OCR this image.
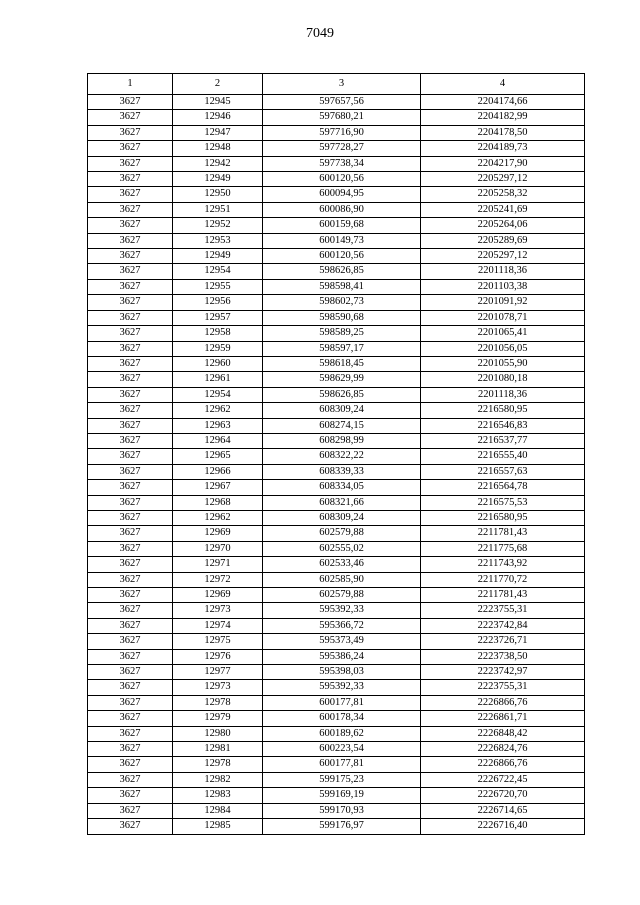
7049
1	2	3	4
3627	12945	597657,56	2204174,66
3627	12946	597680,21	2204182,99
3627	12947	597716,90	2204178,50
3627	12948	597728,27	2204189,73
3627	12942	597738,34	2204217,90
3627	12949	600120,56	2205297,12
3627	12950	600094,95	2205258,32
3627	12951	600086,90	2205241,69
3627	12952	600159,68	2205264,06
3627	12953	600149,73	2205289,69
3627	12949	600120,56	2205297,12
3627	12954	598626,85	2201118,36
3627	12955	598598,41	2201103,38
3627	12956	598602,73	2201091,92
3627	12957	598590,68	2201078,71
3627	12958	598589,25	2201065,41
3627	12959	598597,17	2201056,05
3627	12960	598618,45	2201055,90
3627	12961	598629,99	2201080,18
3627	12954	598626,85	2201118,36
3627	12962	608309,24	2216580,95
3627	12963	608274,15	2216546,83
3627	12964	608298,99	2216537,77
3627	12965	608322,22	2216555,40
3627	12966	608339,33	2216557,63
3627	12967	608334,05	2216564,78
3627	12968	608321,66	2216575,53
3627	12962	608309,24	2216580,95
3627	12969	602579,88	2211781,43
3627	12970	602555,02	2211775,68
3627	12971	602533,46	2211743,92
3627	12972	602585,90	2211770,72
3627	12969	602579,88	2211781,43
3627	12973	595392,33	2223755,31
3627	12974	595366,72	2223742,84
3627	12975	595373,49	2223726,71
3627	12976	595386,24	2223738,50
3627	12977	595398,03	2223742,97
3627	12973	595392,33	2223755,31
3627	12978	600177,81	2226866,76
3627	12979	600178,34	2226861,71
3627	12980	600189,62	2226848,42
3627	12981	600223,54	2226824,76
3627	12978	600177,81	2226866,76
3627	12982	599175,23	2226722,45
3627	12983	599169,19	2226720,70
3627	12984	599170,93	2226714,65
3627	12985	599176,97	2226716,40
